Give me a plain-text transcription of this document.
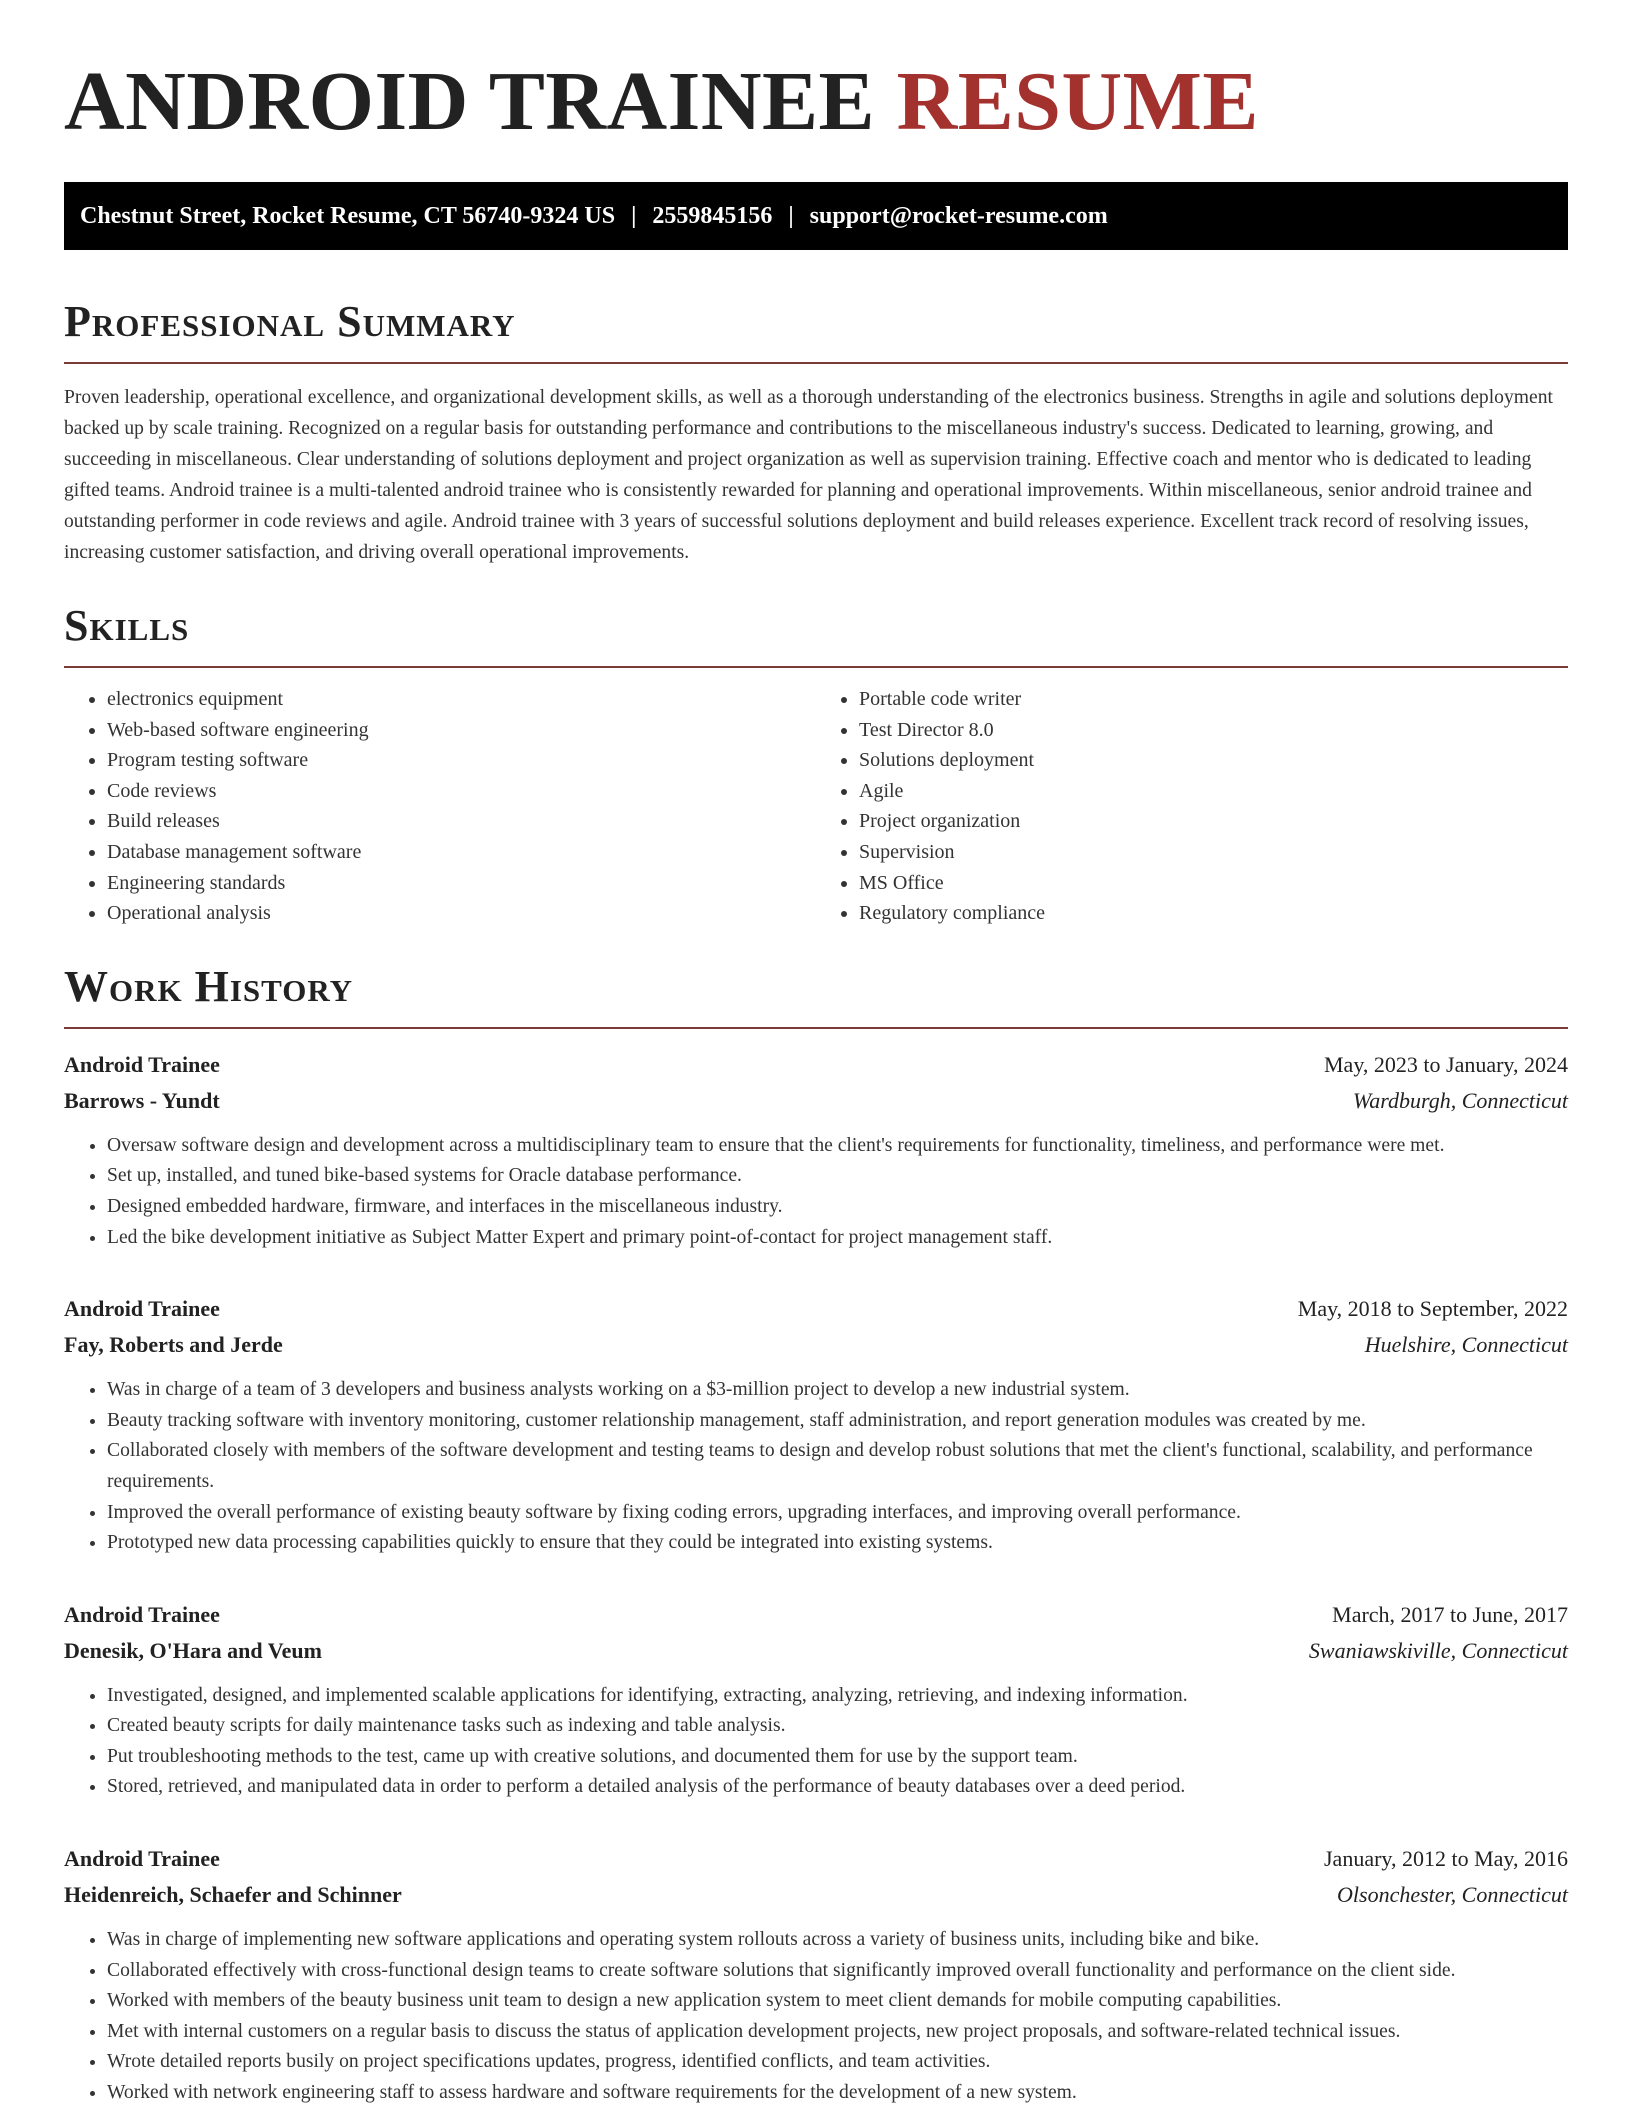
ANDROID TRAINEE RESUME
Chestnut Street, Rocket Resume, CT 56740-9324 US | 2559845156 | support@rocket-resume.com
Professional Summary

Proven leadership, operational excellence, and organizational development skills, as well as a thorough understanding of the electronics business. Strengths in agile and solutions deployment backed up by scale training. Recognized on a regular basis for outstanding performance and contributions to the miscellaneous industry's success. Dedicated to learning, growing, and succeeding in miscellaneous. Clear understanding of solutions deployment and project organization as well as supervision training. Effective coach and mentor who is dedicated to leading gifted teams. Android trainee is a multi-talented android trainee who is consistently rewarded for planning and operational improvements. Within miscellaneous, senior android trainee and outstanding performer in code reviews and agile. Android trainee with 3 years of successful solutions deployment and build releases experience. Excellent track record of resolving issues, increasing customer satisfaction, and driving overall operational improvements.

Skills
• electronics equipment
• Web-based software engineering
• Program testing software
• Code reviews
• Build releases
• Database management software
• Engineering standards
• Operational analysis
• Portable code writer
• Test Director 8.0
• Solutions deployment
• Agile
• Project organization
• Supervision
• MS Office
• Regulatory compliance
Work History
Android Trainee	May, 2023 to January, 2024
Barrows - Yundt	Wardburgh, Connecticut
• Oversaw software design and development across a multidisciplinary team to ensure that the client's requirements for functionality, timeliness, and performance were met.
• Set up, installed, and tuned bike-based systems for Oracle database performance.
• Designed embedded hardware, firmware, and interfaces in the miscellaneous industry.
• Led the bike development initiative as Subject Matter Expert and primary point-of-contact for project management staff.
Android Trainee	May, 2018 to September, 2022
Fay, Roberts and Jerde	Huelshire, Connecticut
• Was in charge of a team of 3 developers and business analysts working on a $3-million project to develop a new industrial system.
• Beauty tracking software with inventory monitoring, customer relationship management, staff administration, and report generation modules was created by me.
• Collaborated closely with members of the software development and testing teams to design and develop robust solutions that met the client's functional, scalability, and performance requirements.
• Improved the overall performance of existing beauty software by fixing coding errors, upgrading interfaces, and improving overall performance.
• Prototyped new data processing capabilities quickly to ensure that they could be integrated into existing systems.
Android Trainee	March, 2017 to June, 2017
Denesik, O'Hara and Veum	Swaniawskiville, Connecticut
• Investigated, designed, and implemented scalable applications for identifying, extracting, analyzing, retrieving, and indexing information.
• Created beauty scripts for daily maintenance tasks such as indexing and table analysis.
• Put troubleshooting methods to the test, came up with creative solutions, and documented them for use by the support team.
• Stored, retrieved, and manipulated data in order to perform a detailed analysis of the performance of beauty databases over a deed period.
Android Trainee	January, 2012 to May, 2016
Heidenreich, Schaefer and Schinner	Olsonchester, Connecticut
• Was in charge of implementing new software applications and operating system rollouts across a variety of business units, including bike and bike.
• Collaborated effectively with cross-functional design teams to create software solutions that significantly improved overall functionality and performance on the client side.
• Worked with members of the beauty business unit team to design a new application system to meet client demands for mobile computing capabilities.
• Met with internal customers on a regular basis to discuss the status of application development projects, new project proposals, and software-related technical issues.
• Wrote detailed reports busily on project specifications updates, progress, identified conflicts, and team activities.
• Worked with network engineering staff to assess hardware and software requirements for the development of a new system.
